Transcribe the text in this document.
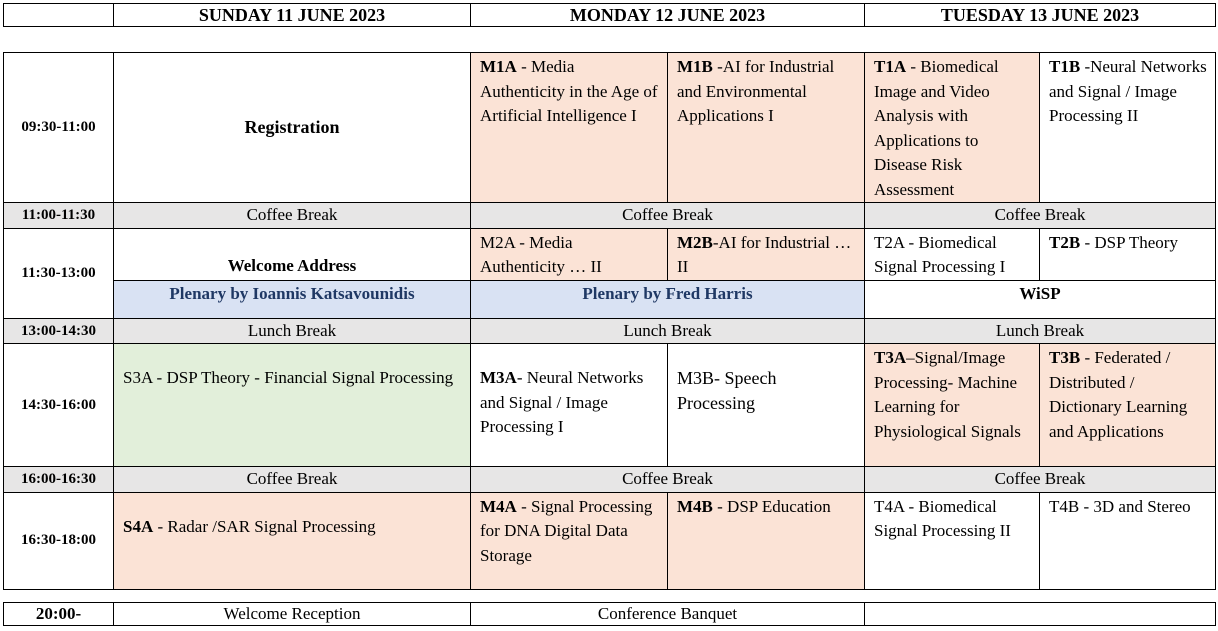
	SUNDAY 11 JUNE 2023	MONDAY 12 JUNE 2023	TUESDAY 13 JUNE 2023
09:30-11:00	Registration	M1A - Media Authenticity in the Age of Artificial Intelligence I	M1B -AI for Industrial and Environmental Applications I	T1A - Biomedical Image and Video Analysis with Applications to Disease Risk Assessment	T1B -Neural Networks and Signal / Image Processing II
11:00-11:30	Coffee Break	Coffee Break		Coffee Break	
11:30-13:00	Welcome Address	M2A - Media Authenticity … II	M2B-AI for Industrial … II	T2A - Biomedical Signal Processing I	T2B - DSP Theory
	Plenary by Ioannis Katsavounidis	Plenary by Fred Harris		WiSP	
13:00-14:30	Lunch Break	Lunch Break		Lunch Break	
14:30-16:00	S3A - DSP Theory - Financial Signal Processing	M3A- Neural Networks and Signal / Image Processing I	M3B- Speech Processing	T3A–Signal/Image Processing- Machine Learning for Physiological Signals	T3B - Federated / Distributed / Dictionary Learning and Applications
16:00-16:30	Coffee Break	Coffee Break		Coffee Break	
16:30-18:00	S4A - Radar /SAR Signal Processing	M4A - Signal Processing for DNA Digital Data Storage	M4B - DSP Education	T4A - Biomedical Signal Processing II	T4B - 3D and Stereo
20:00-	Welcome Reception	Conference Banquet	
